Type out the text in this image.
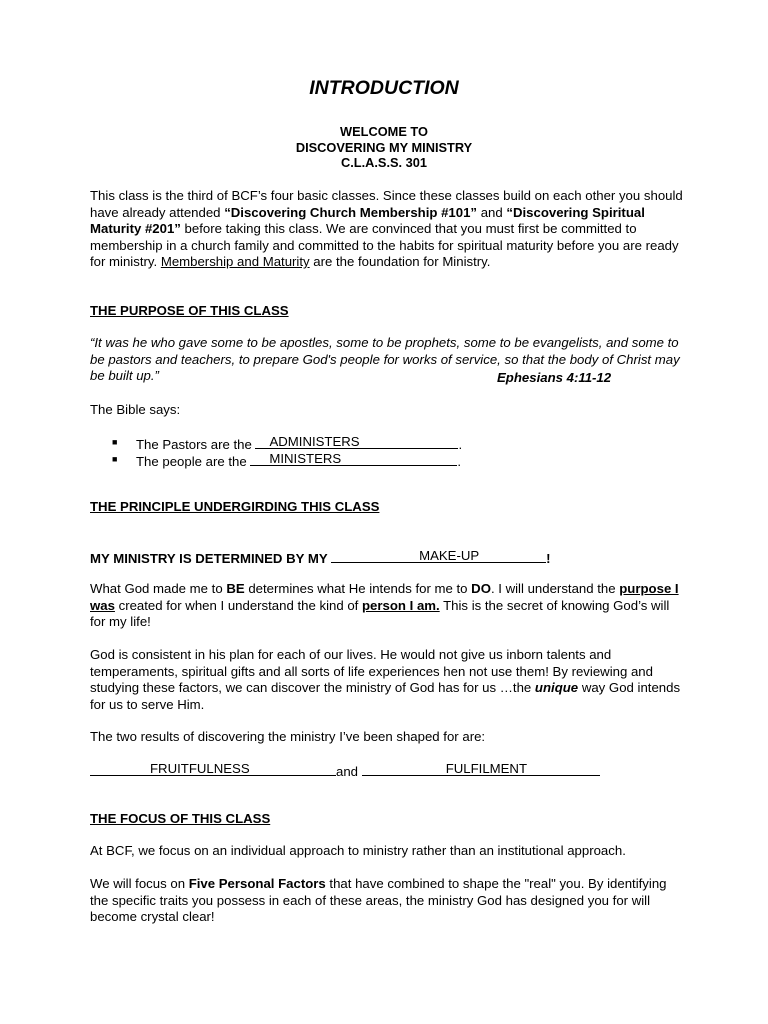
INTRODUCTION
WELCOME TO
DISCOVERING MY MINISTRY
C.L.A.S.S. 301
This class is the third of BCF’s four basic classes. Since these classes build on each other you should have already attended “Discovering Church Membership #101” and “Discovering Spiritual Maturity #201” before taking this class. We are convinced that you must first be committed to membership in a church family and committed to the habits for spiritual maturity before you are ready for ministry. Membership and Maturity are the foundation for Ministry.
THE PURPOSE OF THIS CLASS
“It was he who gave some to be apostles, some to be prophets, some to be evangelists, and some to be pastors and teachers, to prepare God's people for works of service, so that the body of Christ may be built up.”	Ephesians 4:11-12
The Bible says:
■ The Pastors are the ADMINISTERS	.
■ The people are the MINISTERS	.
THE PRINCIPLE UNDERGIRDING THIS CLASS
MY MINISTRY IS DETERMINED BY MY	MAKE-UP	!
What God made me to BE determines what He intends for me to DO. I will understand the purpose I was created for when I understand the kind of person I am. This is the secret of knowing God’s will for my life!
God is consistent in his plan for each of our lives. He would not give us inborn talents and temperaments, spiritual gifts and all sorts of life experiences hen not use them! By reviewing and studying these factors, we can discover the ministry of God has for us …the unique way God intends for us to serve Him.
The two results of discovering the ministry I’ve been shaped for are:
FRUITFULNESS	and	FULFILMENT
THE FOCUS OF THIS CLASS
At BCF, we focus on an individual approach to ministry rather than an institutional approach.
We will focus on Five Personal Factors that have combined to shape the "real" you. By identifying the specific traits you possess in each of these areas, the ministry God has designed you for will become crystal clear!
